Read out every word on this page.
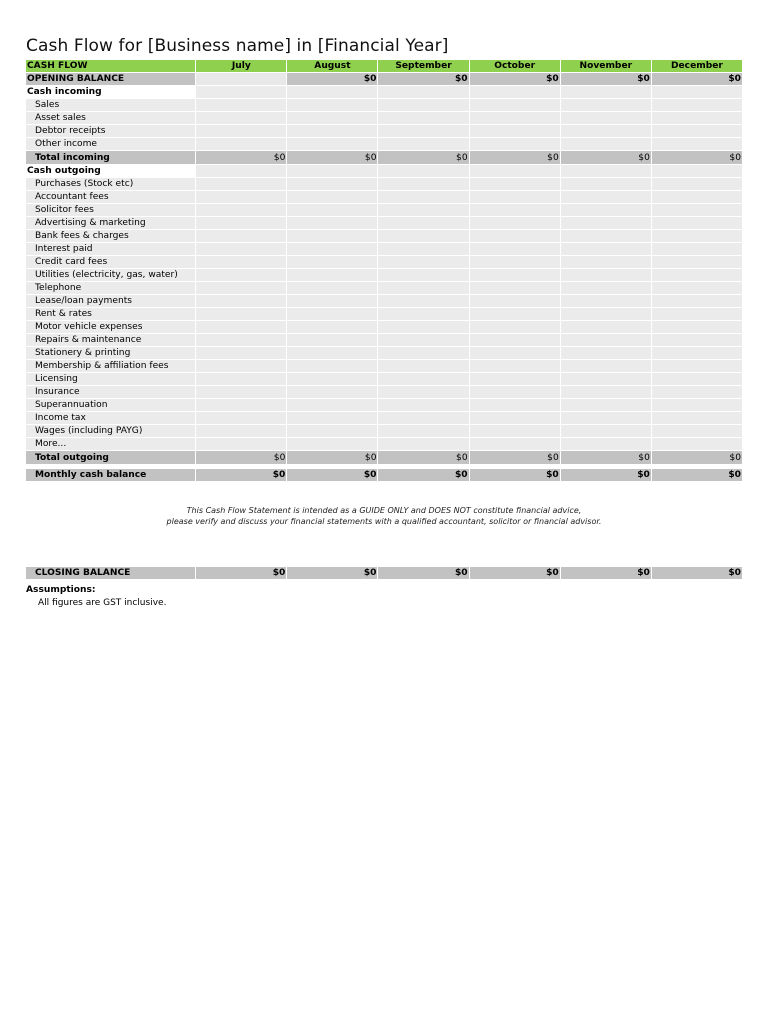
Cash Flow for [Business name] in [Financial Year]
CASH FLOW	July	August	September	October	November	December
OPENING BALANCE		$0	$0	$0	$0	$0
Cash incoming						
Sales						
Asset sales						
Debtor receipts						
Other income						
Total incoming	$0	$0	$0	$0	$0	$0
Cash outgoing						
Purchases (Stock etc)						
Accountant fees						
Solicitor fees						
Advertising & marketing						
Bank fees & charges						
Interest paid						
Credit card fees						
Utilities (electricity, gas, water)						
Telephone						
Lease/loan payments						
Rent & rates						
Motor vehicle expenses						
Repairs & maintenance						
Stationery & printing						
Membership & affiliation fees						
Licensing						
Insurance						
Superannuation						
Income tax						
Wages (including PAYG)						
More...						
Total outgoing	$0	$0	$0	$0	$0	$0

Monthly cash balance	$0	$0	$0	$0	$0	$0
This Cash Flow Statement is intended as a GUIDE ONLY and DOES NOT constitute financial advice,
please verify and discuss your financial statements with a qualified accountant, solicitor or financial advisor.
CLOSING BALANCE	$0	$0	$0	$0	$0	$0
Assumptions:
All figures are GST inclusive.
